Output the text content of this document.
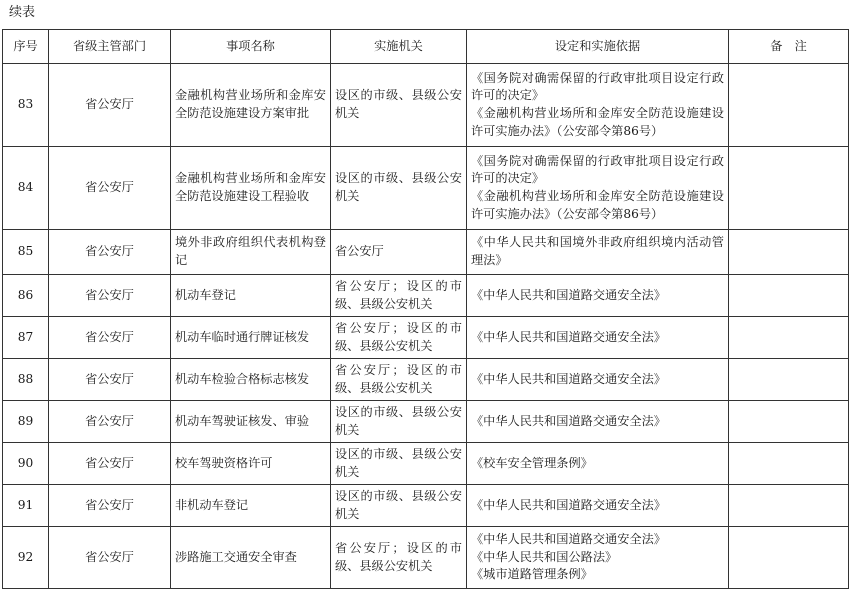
续表
序号	省级主管部门	事项名称	实施机关	设定和实施依据	备　注
83	省公安厅	金融机构营业场所和金库安全防范设施建设方案审批	设区的市级、县级公安机关	《国务院对确需保留的行政审批项目设定行政许可的决定》
《金融机构营业场所和金库安全防范设施建设许可实施办法》（公安部令第86号）	

84	省公安厅	金融机构营业场所和金库安全防范设施建设工程验收	设区的市级、县级公安机关	《国务院对确需保留的行政审批项目设定行政许可的决定》
《金融机构营业场所和金库安全防范设施建设许可实施办法》（公安部令第86号）	

85	省公安厅	境外非政府组织代表机构登记	省公安厅	《中华人民共和国境外非政府组织境内活动管理法》	

86	省公安厅	机动车登记	省公安厅；设区的市级、县级公安机关	《中华人民共和国道路交通安全法》	

87	省公安厅	机动车临时通行牌证核发	省公安厅；设区的市级、县级公安机关	《中华人民共和国道路交通安全法》	

88	省公安厅	机动车检验合格标志核发	省公安厅；设区的市级、县级公安机关	《中华人民共和国道路交通安全法》	

89	省公安厅	机动车驾驶证核发、审验	设区的市级、县级公安机关	《中华人民共和国道路交通安全法》	

90	省公安厅	校车驾驶资格许可	设区的市级、县级公安机关	《校车安全管理条例》	

91	省公安厅	非机动车登记	设区的市级、县级公安机关	《中华人民共和国道路交通安全法》	

92	省公安厅	涉路施工交通安全审查	省公安厅；设区的市级、县级公安机关	《中华人民共和国道路交通安全法》
《中华人民共和国公路法》
《城市道路管理条例》	
